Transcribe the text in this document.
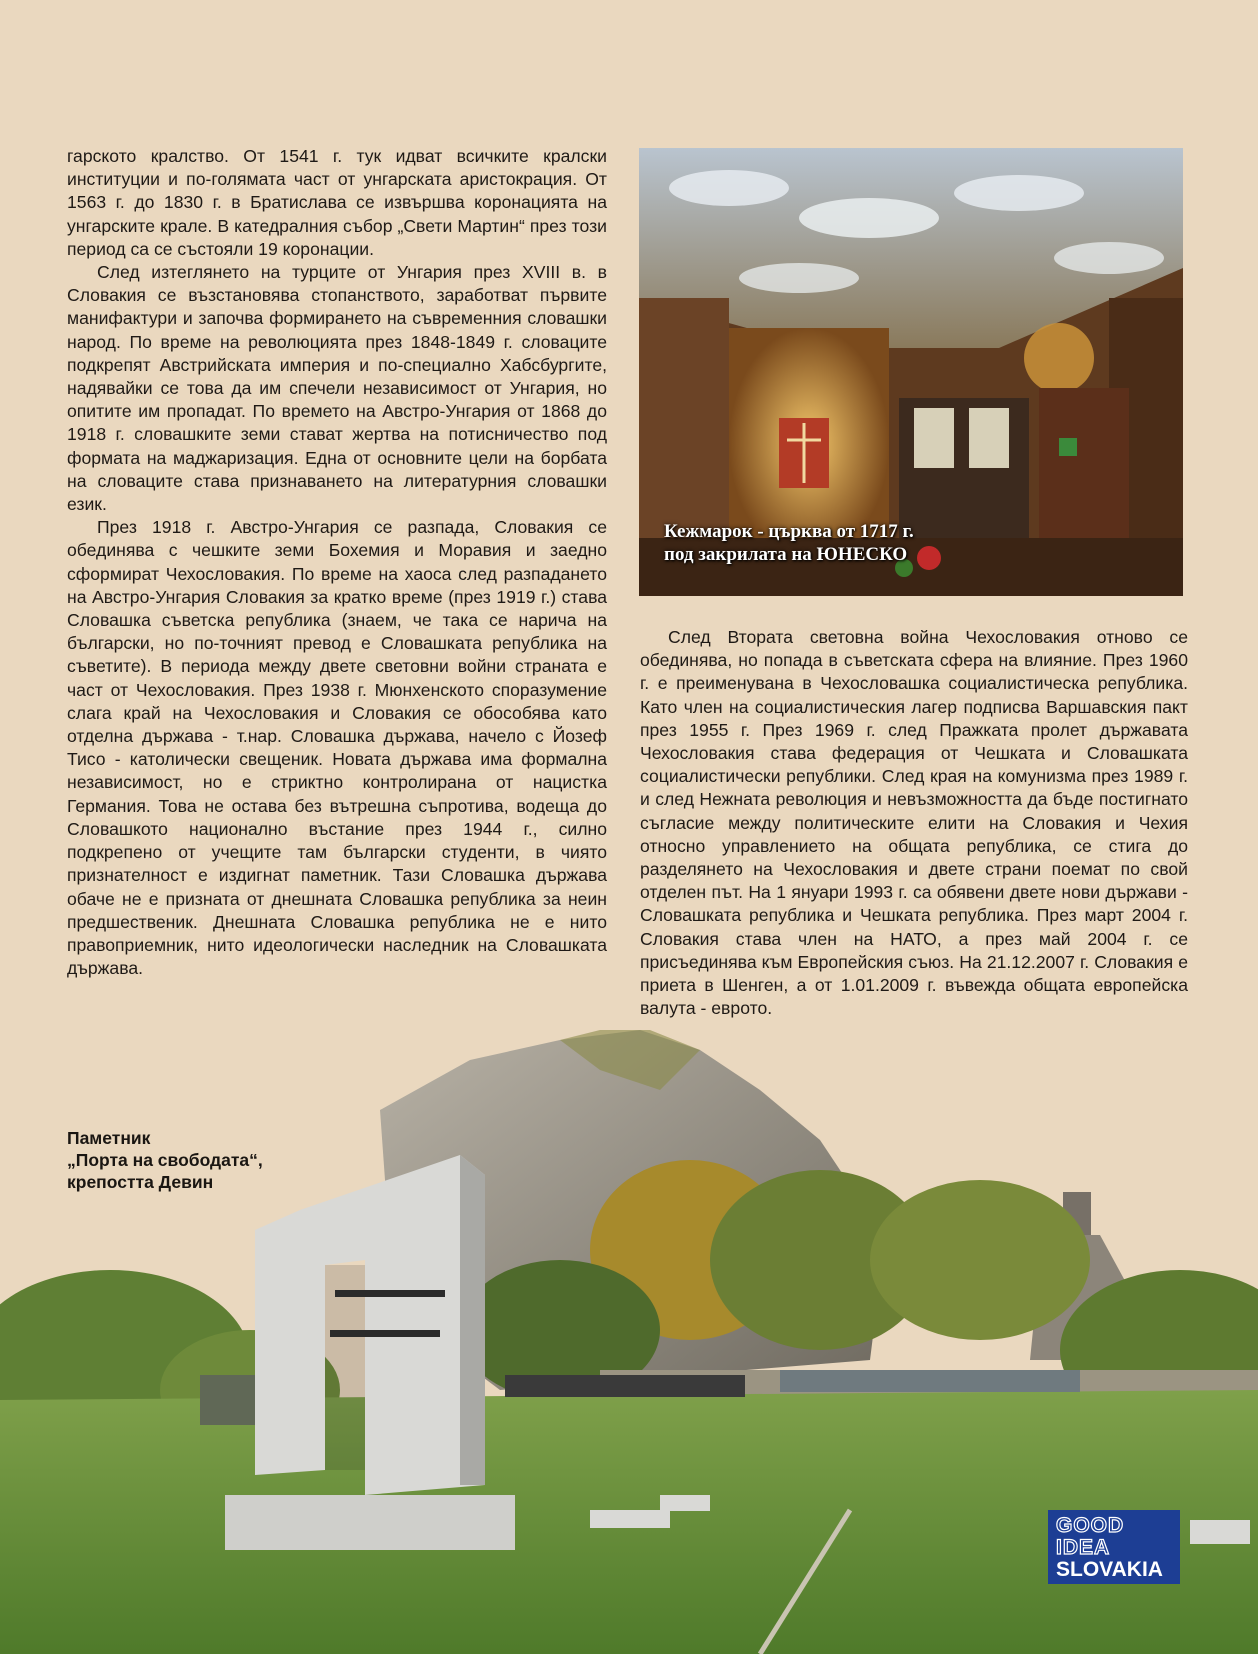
гарското кралство. От 1541 г. тук идват всичките кралски институции и по-голямата част от унгарската аристокрация. От 1563 г. до 1830 г. в Братислава се извършва коронацията на унгарските крале. В катедралния събор „Свети Мартин“ през този период са се състояли 19 коронации.

След изтеглянето на турците от Унгария през XVIII в. в Словакия се възстановява стопанството, заработват първите манифактури и започва формирането на съвременния словашки народ. По време на революцията през 1848-1849 г. словаците подкрепят Австрийската империя и по-специално Хабсбургите, надявайки се това да им спечели независимост от Унгария, но опитите им пропадат. По времето на Австро-Унгария от 1868 до 1918 г. словашките земи стават жертва на потисничество под формата на маджаризация. Една от основните цели на борбата на словаците става признаването на литературния словашки език.

През 1918 г. Австро-Унгария се разпада, Словакия се обединява с чешките земи Бохемия и Моравия и заедно сформират Чехословакия. По време на хаоса след разпадането на Австро-Унгария Словакия за кратко време (през 1919 г.) става Словашка съветска република (знаем, че така се нарича на български, но по-точният превод е Словашката република на съветите). В периода между двете световни войни страната е част от Чехословакия. През 1938 г. Мюнхенското споразумение слага край на Чехословакия и Словакия се обособява като отделна държава - т.нар. Словашка държава, начело с Йозеф Тисо - католически свещеник. Новата държава има формална независимост, но е стриктно контролирана от нацистка Германия. Това не остава без вътрешна съпротива, водеща до Словашкото национално въстание през 1944 г., силно подкрепено от учещите там български студенти, в чиято признателност е издигнат паметник. Тази Словашка държава обаче не е призната от днешната Словашка република за неин предшественик. Днешната Словашка република не е нито правоприемник, нито идеологически наследник на Словашката държава.

Кежмарок - църква от 1717 г.
под закрилата на ЮНЕСКО

След Втората световна война Чехословакия отново се обединява, но попада в съветската сфера на влияние. През 1960 г. е преименувана в Чехословашка социалистическа република. Като член на социалистическия лагер подписва Варшавския пакт през 1955 г. През 1969 г. след Пражката пролет държавата Чехословакия става федерация от Чешката и Словашката социалистически републики. След края на комунизма през 1989 г. и след Нежната революция и невъзможността да бъде постигнато съгласие между политическите елити на Словакия и Чехия относно управлението на общата републикa, се стига до разделянето на Чехословакия и двете страни поемат по свой отделен път. На 1 януари 1993 г. са обявени двете нови държави - Словашката република и Чешката република. През март 2004 г. Словакия става член на НАТО, а през май 2004 г. се присъединява към Европейския съюз. На 21.12.2007 г. Словакия е приета в Шенген, а от 1.01.2009 г. въвежда общата европейска валута - еврото.

Паметник
„Порта на свободата“,
крепостта Девин
GOOD
IDEA
SLOVAKIA
